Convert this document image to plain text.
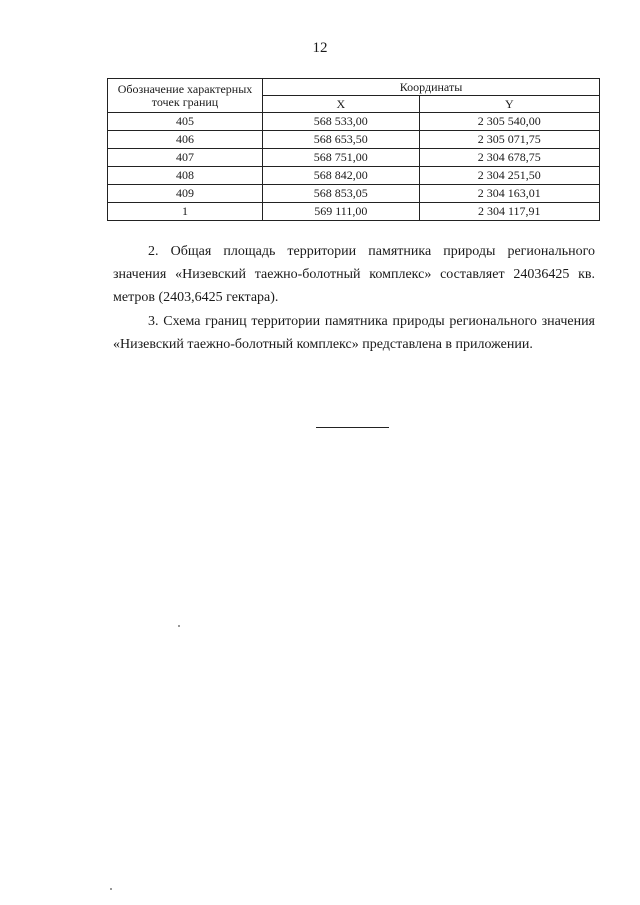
12
Обозначение характерных точек границ	Координаты	
	X	Y
405	568 533,00	2 305 540,00
406	568 653,50	2 305 071,75
407	568 751,00	2 304 678,75
408	568 842,00	2 304 251,50
409	568 853,05	2 304 163,01
1	569 111,00	2 304 117,91

2. Общая площадь территории памятника природы регионального значения «Низевский таежно-болотный комплекс» составляет 24036425 кв. метров (2403,6425 гектара).

3. Схема границ территории памятника природы регионального значения «Низевский таежно-болотный комплекс» представлена в приложении.
